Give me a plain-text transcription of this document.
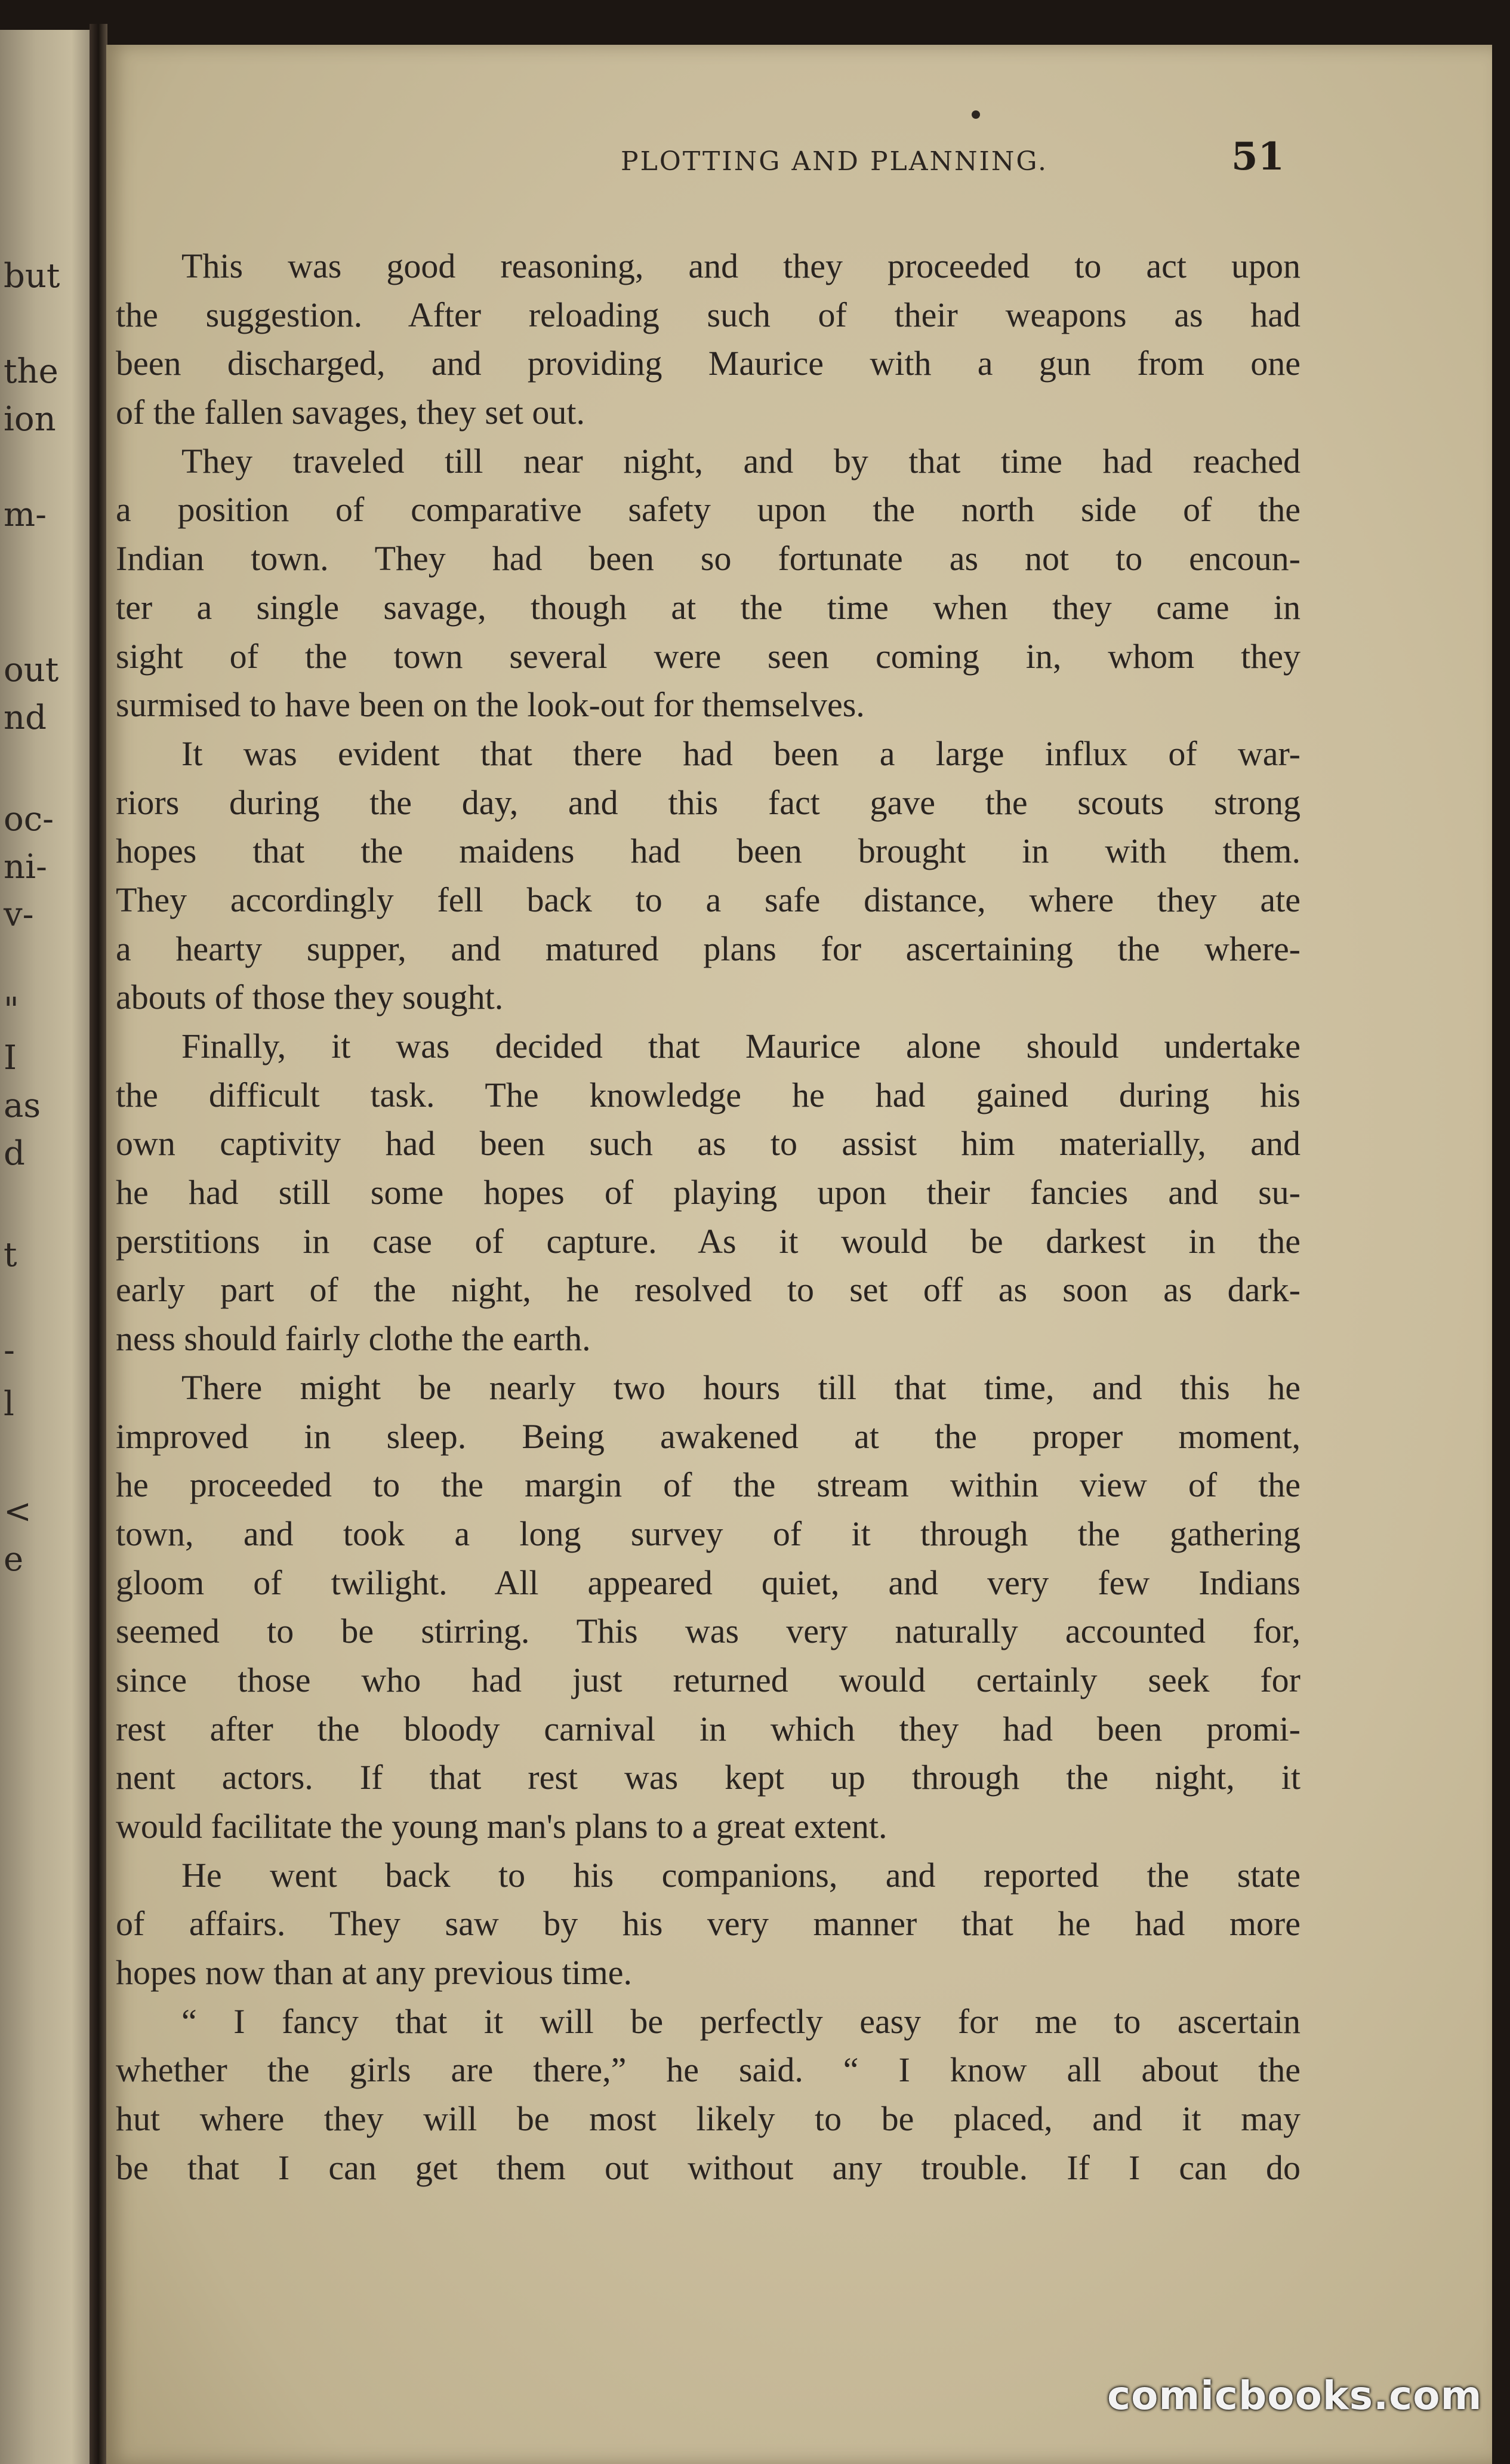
but
the
ion
m-
out
nd
oc-
ni-
v-
"
I
as
d
t
-
l
<
e
PLOTTING AND PLANNING.	51
This was good reasoning, and they proceeded to act upon
the suggestion. After reloading such of their weapons as had
been discharged, and providing Maurice with a gun from one
of the fallen savages, they set out.
They traveled till near night, and by that time had reached
a position of comparative safety upon the north side of the
Indian town. They had been so fortunate as not to encoun-
ter a single savage, though at the time when they came in
sight of the town several were seen coming in, whom they
surmised to have been on the look-out for themselves.
It was evident that there had been a large influx of war-
riors during the day, and this fact gave the scouts strong
hopes that the maidens had been brought in with them.
They accordingly fell back to a safe distance, where they ate
a hearty supper, and matured plans for ascertaining the where-
abouts of those they sought.
Finally, it was decided that Maurice alone should undertake
the difficult task. The knowledge he had gained during his
own captivity had been such as to assist him materially, and
he had still some hopes of playing upon their fancies and su-
perstitions in case of capture. As it would be darkest in the
early part of the night, he resolved to set off as soon as dark-
ness should fairly clothe the earth.
There might be nearly two hours till that time, and this he
improved in sleep. Being awakened at the proper moment,
he proceeded to the margin of the stream within view of the
town, and took a long survey of it through the gathering
gloom of twilight. All appeared quiet, and very few Indians
seemed to be stirring. This was very naturally accounted for,
since those who had just returned would certainly seek for
rest after the bloody carnival in which they had been promi-
nent actors. If that rest was kept up through the night, it
would facilitate the young man's plans to a great extent.
He went back to his companions, and reported the state
of affairs. They saw by his very manner that he had more
hopes now than at any previous time.
“ I fancy that it will be perfectly easy for me to ascertain
whether the girls are there,” he said. “ I know all about the
hut where they will be most likely to be placed, and it may
be that I can get them out without any trouble. If I can do
comicbooks.com
